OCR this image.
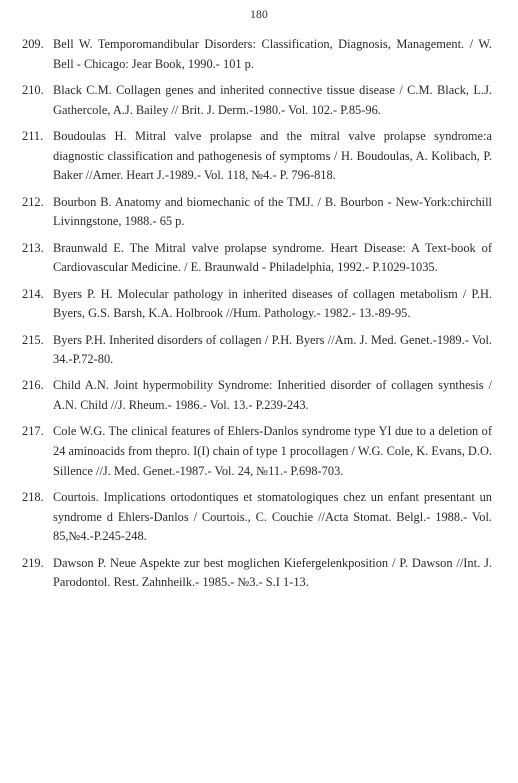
180
209. Bell W. Temporomandibular Disorders: Classification, Diagnosis, Management. / W. Bell - Chicago: Jear Book, 1990.- 101 p.
210. Black C.M. Collagen genes and inherited connective tissue disease / C.M. Black, L.J. Gathercole, A.J. Bailey // Brit. J. Derm.-1980.- Vol. 102.- P.85-96.
211. Boudoulas H. Mitral valve prolapse and the mitral valve prolapse syndrome:a diagnostic classification and pathogenesis of symptoms / H. Boudoulas, A. Kolibach, P. Baker //Amer. Heart J.-1989.- Vol. 118, №4.- P. 796-818.
212. Bourbon B. Anatomy and biomechanic of the TMJ. / B. Bourbon - New-York:chirchill Livinngstone, 1988.- 65 p.
213. Braunwald E. The Mitral valve prolapse syndrome. Heart Disease: A Text-book of Cardiovascular Medicine. / E. Braunwald - Philadelphia, 1992.- P.1029-1035.
214. Byers P. H. Molecular pathology in inherited diseases of collagen metabolism / P.H. Byers, G.S. Barsh, K.A. Holbrook //Hum. Pathology.- 1982.- 13.-89-95.
215. Byers P.H. Inherited disorders of collagen / P.H. Byers //Am. J. Med. Genet.-1989.- Vol. 34.-P.72-80.
216. Child A.N. Joint hypermobility Syndrome: Inheritied disorder of collagen synthesis / A.N. Child //J. Rheum.- 1986.- Vol. 13.- P.239-243.
217. Cole W.G. The clinical features of Ehlers-Danlos syndrome type YI due to a deletion of 24 aminoacids from thepro. I(I) chain of type 1 procollagen / W.G. Cole, K. Evans, D.O. Sillence //J. Med. Genet.-1987.- Vol. 24, №11.- P.698-703.
218. Courtois. Implications ortodontiques et stomatologiques chez un enfant presentant un syndrome d Ehlers-Danlos / Courtois., C. Couchie //Acta Stomat. Belgl.- 1988.- Vol. 85,№4.-P.245-248.
219. Dawson P. Neue Aspekte zur best moglichen Kiefergelenkposition / P. Dawson //Int. J. Parodontol. Rest. Zahnheilk.- 1985.- №3.- S.I 1-13.
